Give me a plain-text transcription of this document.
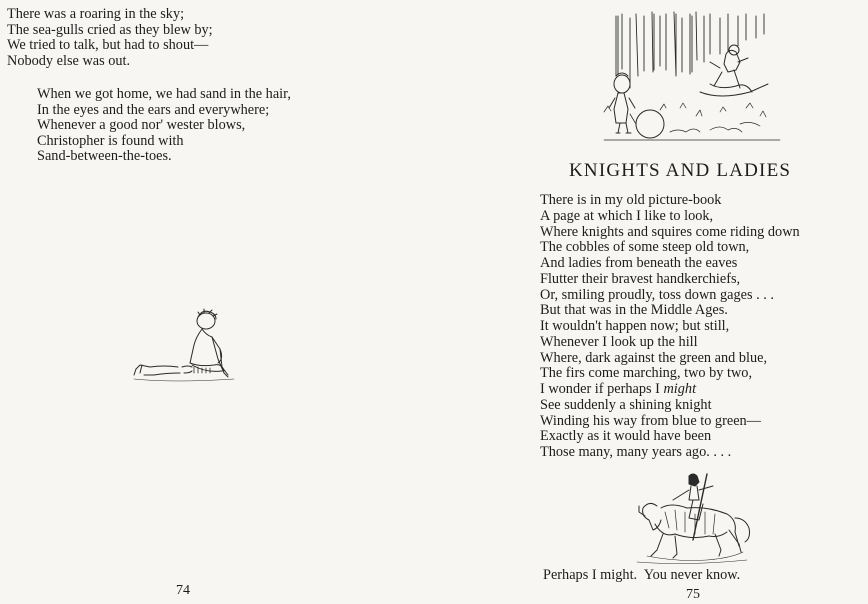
There was a roaring in the sky;
The sea-gulls cried as they blew by;
We tried to talk, but had to shout—
Nobody else was out.
When we got home, we had sand in the hair,
In the eyes and the ears and everywhere;
Whenever a good nor' wester blows,
Christopher is found with
Sand-between-the-toes.
74
KNIGHTS AND LADIES
There is in my old picture-book
A page at which I like to look,
Where knights and squires come riding down
The cobbles of some steep old town,
And ladies from beneath the eaves
Flutter their bravest handkerchiefs,
Or, smiling proudly, toss down gages . . .
But that was in the Middle Ages.
It wouldn't happen now; but still,
Whenever I look up the hill
Where, dark against the green and blue,
The firs come marching, two by two,
I wonder if perhaps I might
See suddenly a shining knight
Winding his way from blue to green—
Exactly as it would have been
Those many, many years ago. . . .
Perhaps I might.  You never know.
75
